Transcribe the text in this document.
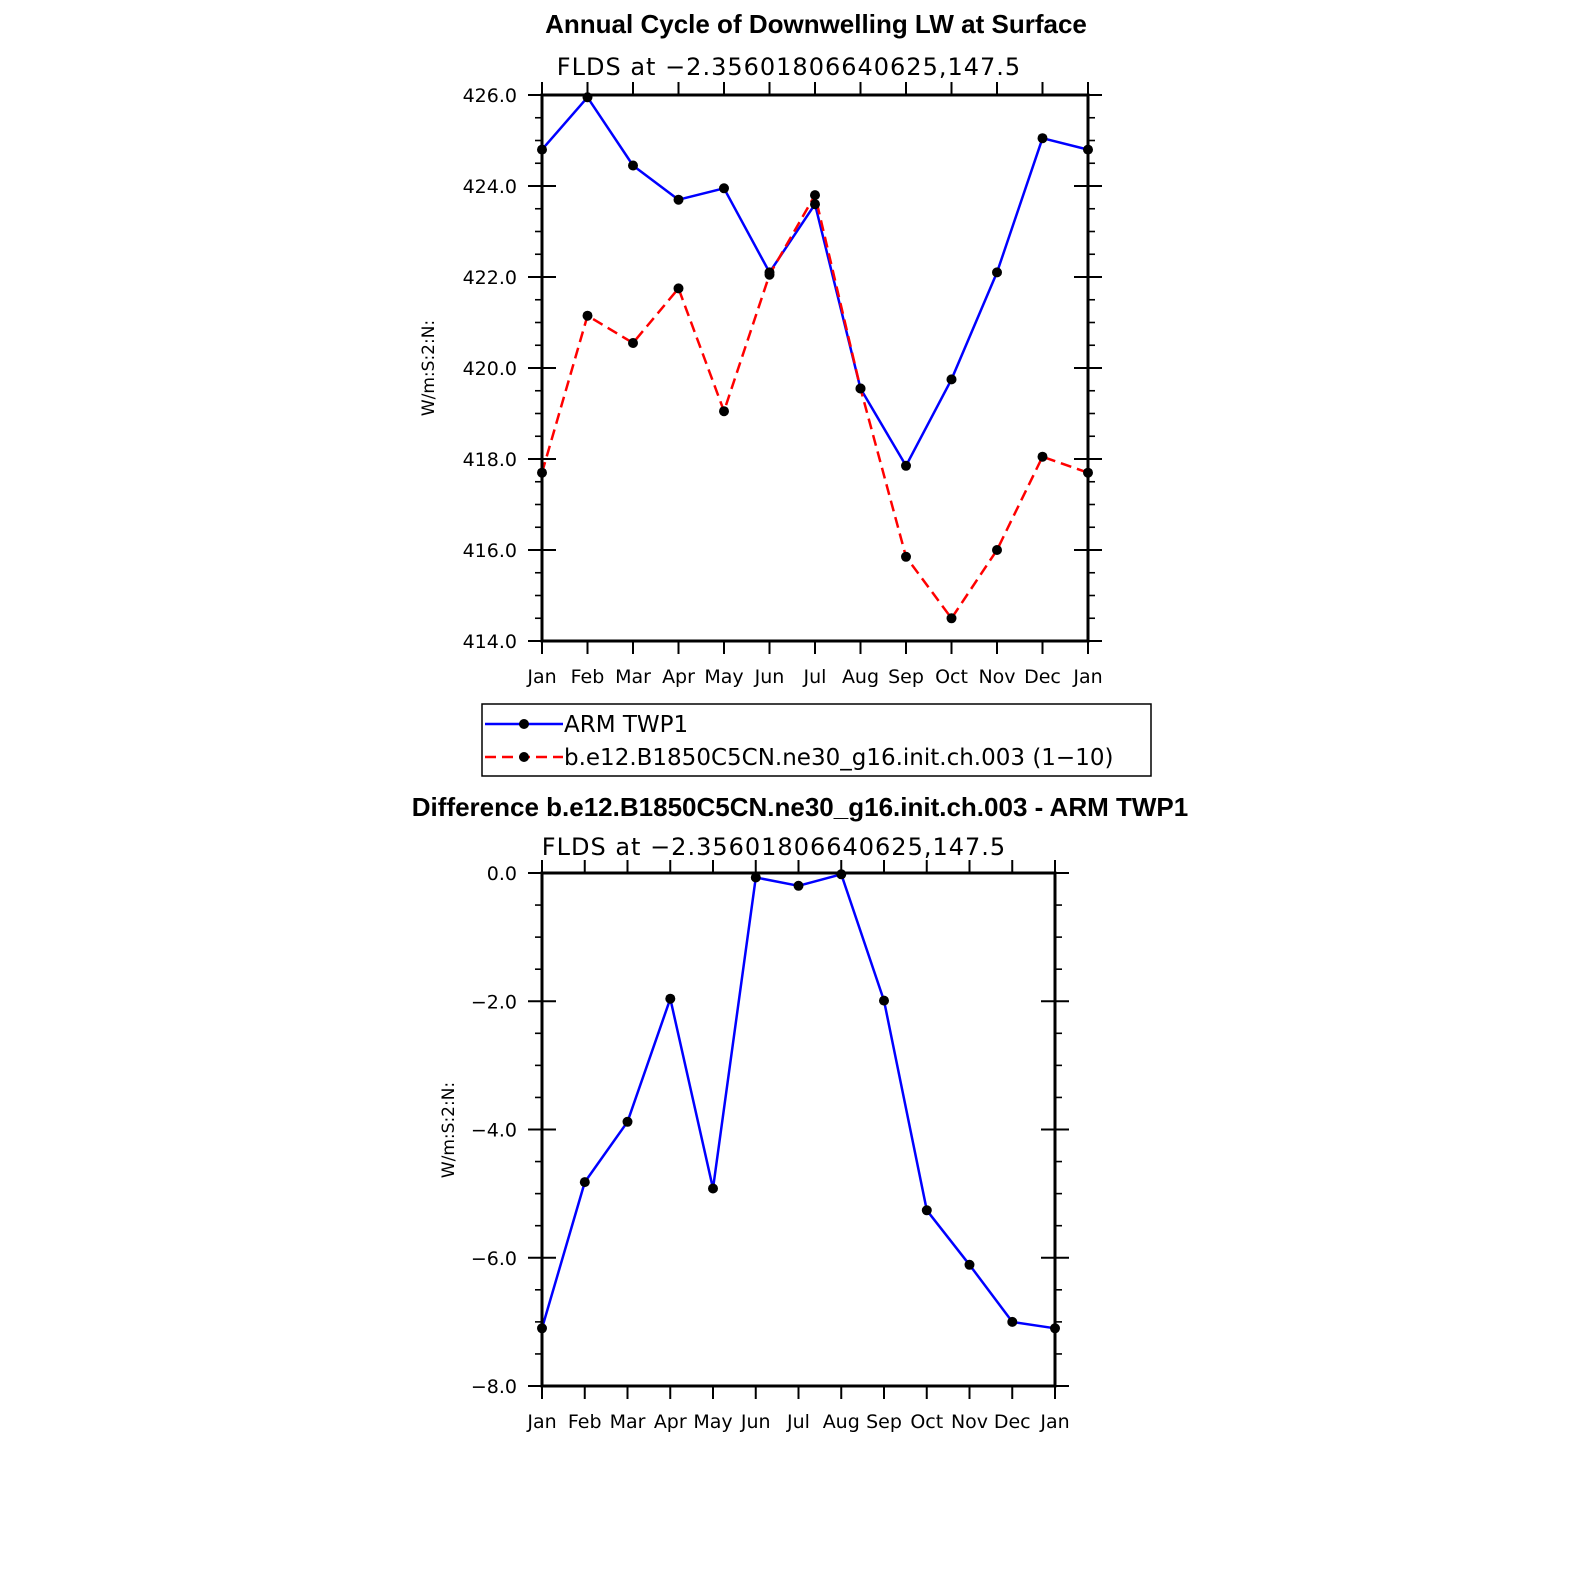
Annual Cycle of Downwelling LW at Surface
FLDS at −2.35601806640625,147.5
W/m:S:2:N:
426.0
424.0
422.0
420.0
418.0
416.0
414.0
Jan Feb Mar Apr May Jun Jul Aug Sep Oct Nov Dec Jan
ARM TWP1
b.e12.B1850C5CN.ne30_g16.init.ch.003 (1−10)
Difference b.e12.B1850C5CN.ne30_g16.init.ch.003 - ARM TWP1
FLDS at −2.35601806640625,147.5
W/m:S:2:N:
0.0
−2.0
−4.0
−6.0
−8.0
Jan Feb Mar Apr May Jun Jul Aug Sep Oct Nov Dec Jan
